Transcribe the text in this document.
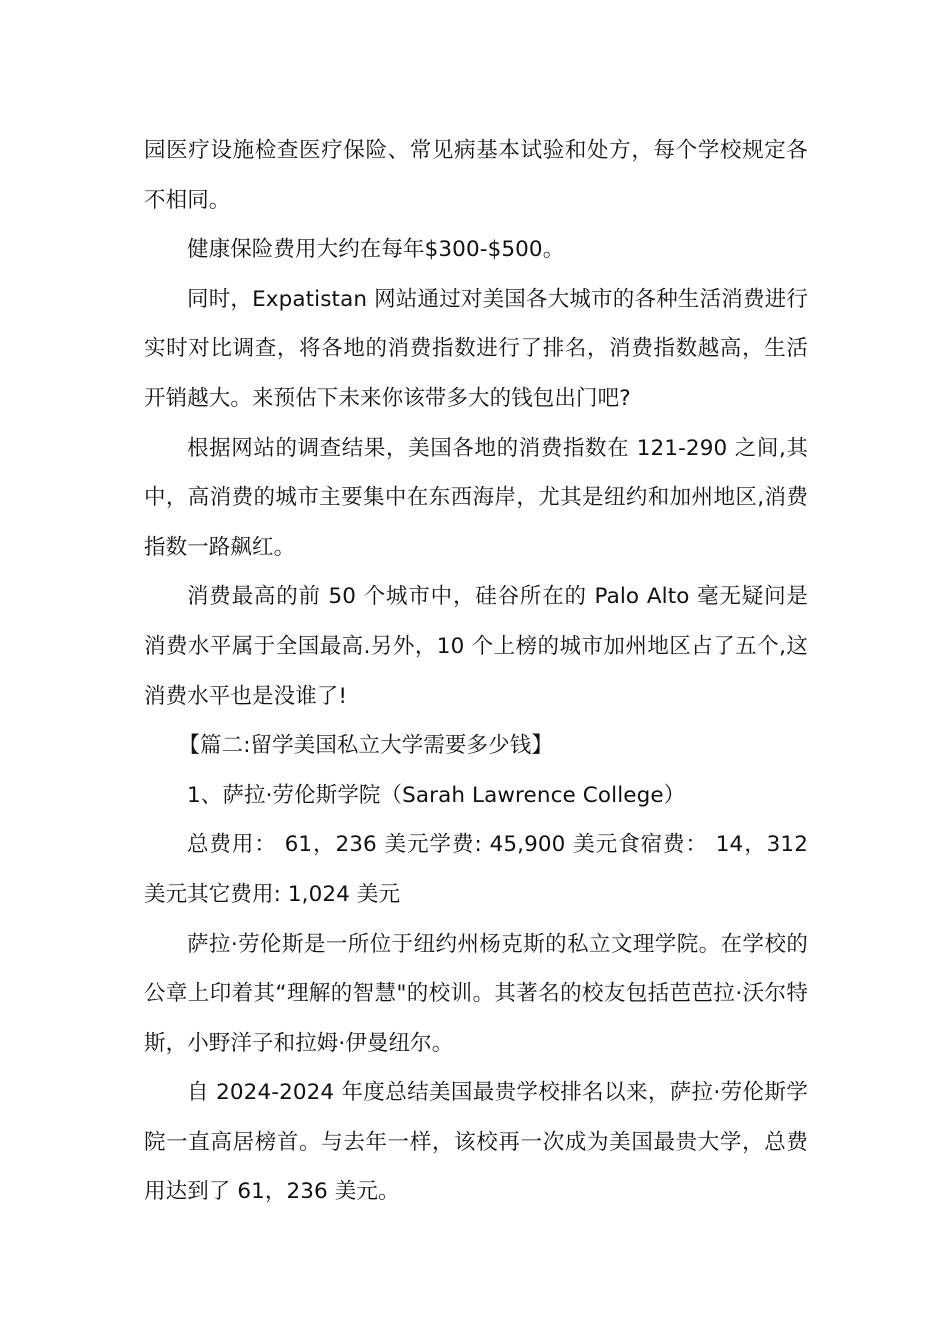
园医疗设施检查医疗保险、常见病基本试验和处方，每个学校规定各不相同。

健康保险费用大约在每年$300-$500。

同时，Expatistan 网站通过对美国各大城市的各种生活消费进行实时对比调查，将各地的消费指数进行了排名，消费指数越高，生活开销越大。来预估下未来你该带多大的钱包出门吧?

根据网站的调查结果，美国各地的消费指数在 121-290 之间,其中，高消费的城市主要集中在东西海岸，尤其是纽约和加州地区,消费指数一路飙红。

消费最高的前 50 个城市中，硅谷所在的 Palo Alto 毫无疑问是消费水平属于全国最高.另外，10 个上榜的城市加州地区占了五个,这消费水平也是没谁了!

【篇二:留学美国私立大学需要多少钱】

1、萨拉·劳伦斯学院（Sarah Lawrence College）

总费用： 61，236 美元学费: 45,900 美元食宿费： 14，312 美元其它费用: 1,024 美元

萨拉·劳伦斯是一所位于纽约州杨克斯的私立文理学院。在学校的公章上印着其“理解的智慧"的校训。其著名的校友包括芭芭拉·沃尔特斯，小野洋子和拉姆·伊曼纽尔。

自 2024-2024 年度总结美国最贵学校排名以来，萨拉·劳伦斯学院一直高居榜首。与去年一样，该校再一次成为美国最贵大学，总费用达到了 61，236 美元。
